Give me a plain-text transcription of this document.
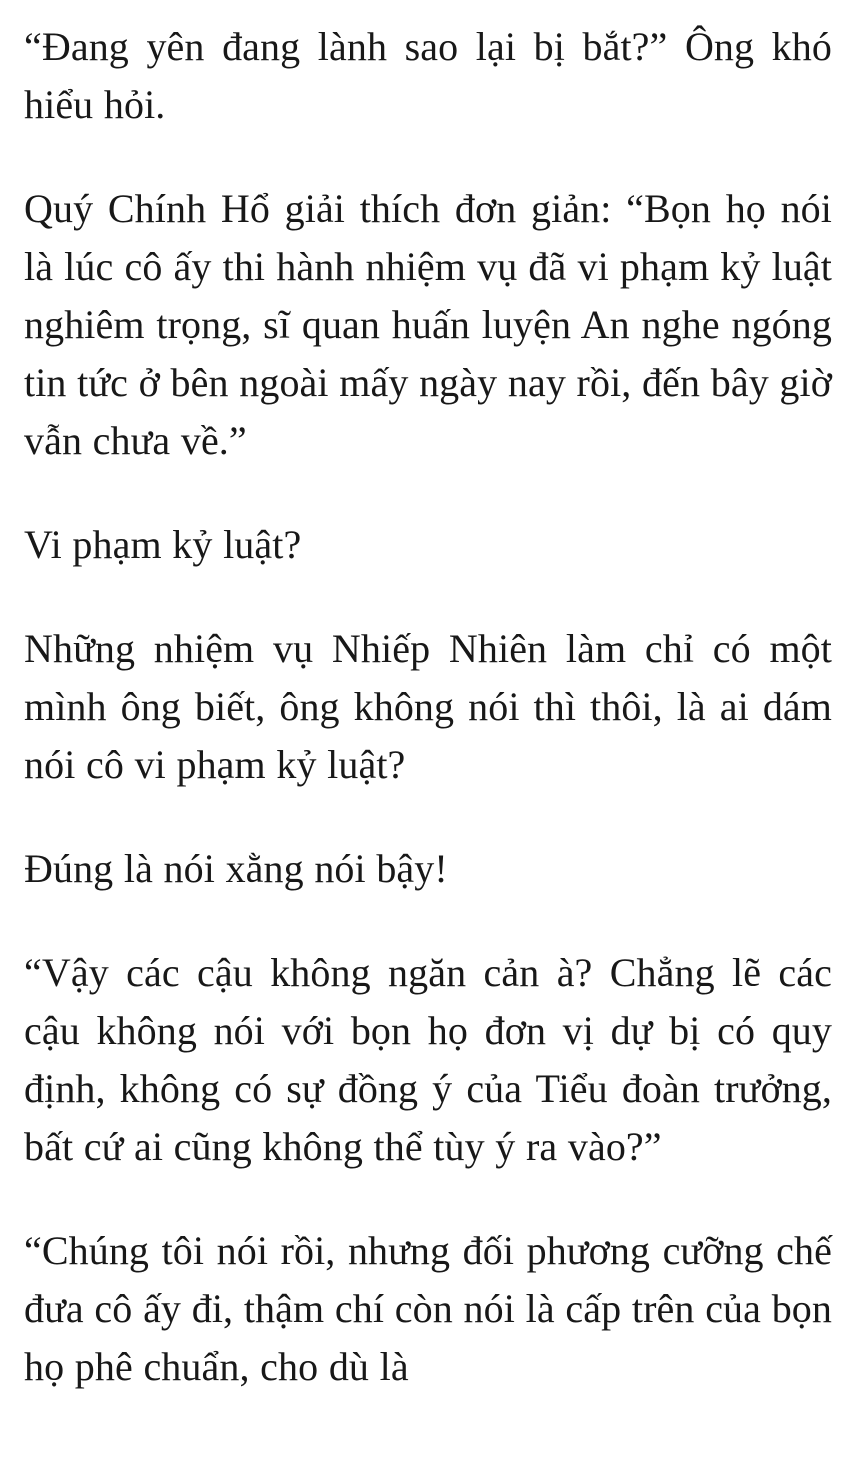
“Đang yên đang lành sao lại bị bắt?” Ông khó hiểu hỏi.

Quý Chính Hổ giải thích đơn giản: “Bọn họ nói là lúc cô ấy thi hành nhiệm vụ đã vi phạm kỷ luật nghiêm trọng, sĩ quan huấn luyện An nghe ngóng tin tức ở bên ngoài mấy ngày nay rồi, đến bây giờ vẫn chưa về.”

Vi phạm kỷ luật?

Những nhiệm vụ Nhiếp Nhiên làm chỉ có một mình ông biết, ông không nói thì thôi, là ai dám nói cô vi phạm kỷ luật?

Đúng là nói xằng nói bậy!

“Vậy các cậu không ngăn cản à? Chẳng lẽ các cậu không nói với bọn họ đơn vị dự bị có quy định, không có sự đồng ý của Tiểu đoàn trưởng, bất cứ ai cũng không thể tùy ý ra vào?”

“Chúng tôi nói rồi, nhưng đối phương cưỡng chế đưa cô ấy đi, thậm chí còn nói là cấp trên của bọn họ phê chuẩn, cho dù là
